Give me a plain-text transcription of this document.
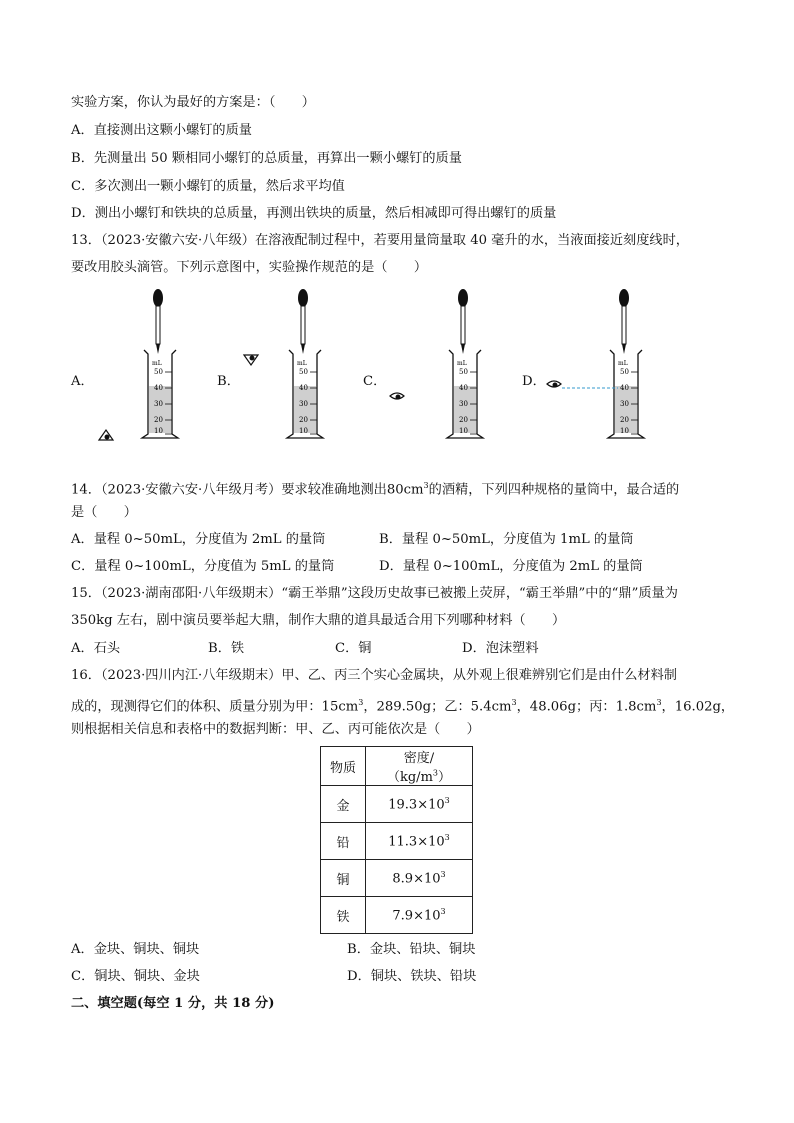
实验方案，你认为最好的方案是：（　　）
A．直接测出这颗小螺钉的质量
B．先测量出 50 颗相同小螺钉的总质量，再算出一颗小螺钉的质量
C．多次测出一颗小螺钉的质量，然后求平均值
D．测出小螺钉和铁块的总质量，再测出铁块的质量，然后相减即可得出螺钉的质量
13．（2023·安徽六安·八年级）在溶液配制过程中，若要用量筒量取 40 毫升的水，当液面接近刻度线时，
要改用胶头滴管。下列示意图中，实验操作规范的是（　　）
A．	B．	C．	D．
mL
50
40
30
20
10
mL
50
40
30
20
10
mL
50
40
30
20
10
mL
50
40
30
20
10
14．（2023·安徽六安·八年级月考）要求较准确地测出$80cm^3$的酒精，下列四种规格的量筒中，最合适的
是（　　）
A．量程 0~50mL，分度值为 2mL 的量筒	B．量程 0~50mL，分度值为 1mL 的量筒
C．量程 0~100mL，分度值为 5mL 的量筒	D．量程 0~100mL，分度值为 2mL 的量筒
15．（2023·湖南邵阳·八年级期末）“霸王举鼎”这段历史故事已被搬上荧屏，“霸王举鼎”中的“鼎”质量为
350kg 左右，剧中演员要举起大鼎，制作大鼎的道具最适合用下列哪种材料（　　）
A．石头	B．铁	C．铜	D．泡沫塑料
16．（2023·四川内江·八年级期末）甲、乙、丙三个实心金属块，从外观上很难辨别它们是由什么材料制
成的，现测得它们的体积、质量分别为甲：$15cm^3$，289.50g；乙：$5.4cm^3$，48.06g；丙：$1.8cm^3$，16.02g，
则根据相关信息和表格中的数据判断：甲、乙、丙可能依次是（　　）
物质	密度$/(kg/m^3)$
金	$19.3\times 10^3$
铅	$11.3\times 10^3$
铜	$8.9\times 10^3$
铁	$7.9\times 10^3$
A．金块、铜块、铜块	B．金块、铅块、铜块
C．铜块、铜块、金块	D．铜块、铁块、铅块
二、填空题(每空 1 分，共 18 分)
